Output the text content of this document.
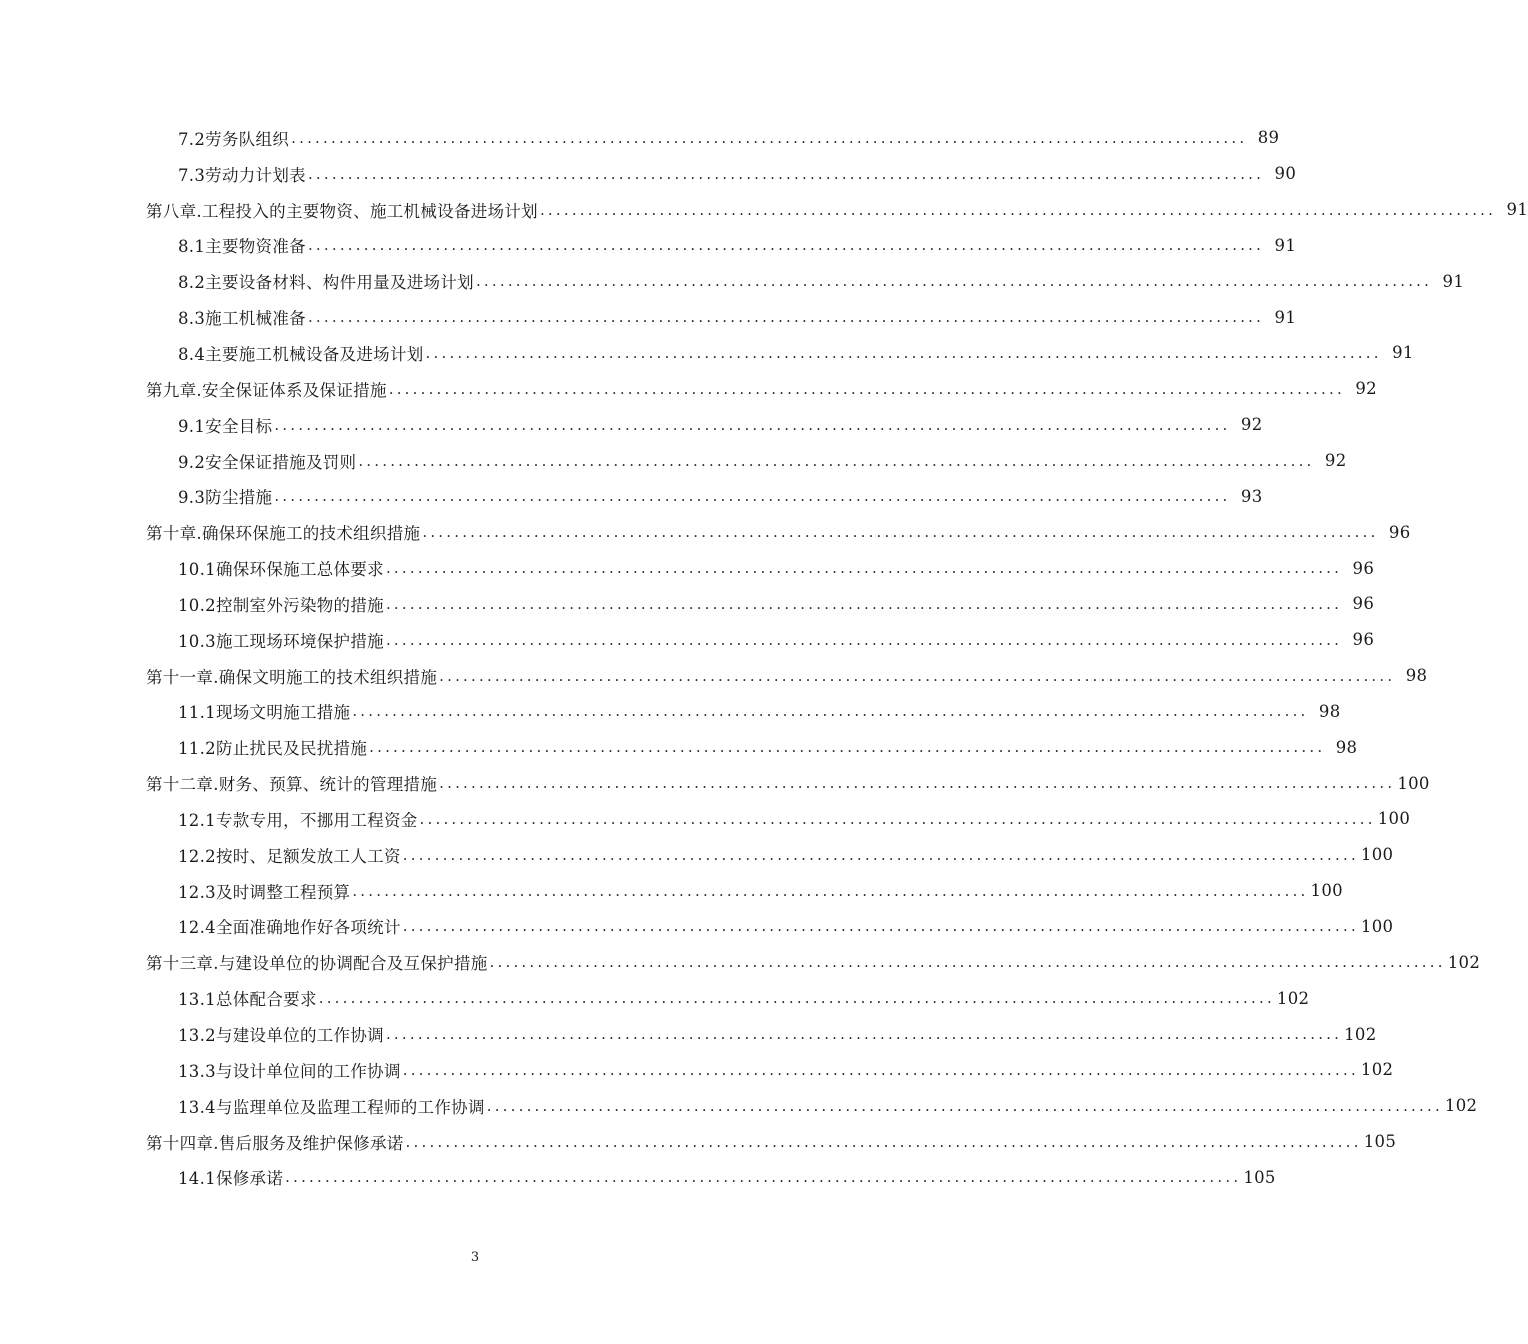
7.2劳务队组织 ........................................................................................................................ 89
7.3劳动力计划表 ........................................................................................................................ 90
第八章.工程投入的主要物资、施工机械设备进场计划 ........................................................................................................................ 91
8.1主要物资准备 ........................................................................................................................ 91
8.2主要设备材料、构件用量及进场计划 ........................................................................................................................ 91
8.3施工机械准备 ........................................................................................................................ 91
8.4主要施工机械设备及进场计划 ........................................................................................................................ 91
第九章.安全保证体系及保证措施 ........................................................................................................................ 92
9.1安全目标 ........................................................................................................................ 92
9.2安全保证措施及罚则 ........................................................................................................................ 92
9.3防尘措施 ........................................................................................................................ 93
第十章.确保环保施工的技术组织措施 ........................................................................................................................ 96
10.1确保环保施工总体要求 ........................................................................................................................ 96
10.2控制室外污染物的措施 ........................................................................................................................ 96
10.3施工现场环境保护措施 ........................................................................................................................ 96
第十一章.确保文明施工的技术组织措施 ........................................................................................................................ 98
11.1现场文明施工措施 ........................................................................................................................ 98
11.2防止扰民及民扰措施 ........................................................................................................................ 98
第十二章.财务、预算、统计的管理措施 ........................................................................................................................ 100
12.1专款专用，不挪用工程资金 ........................................................................................................................ 100
12.2按时、足额发放工人工资 ........................................................................................................................ 100
12.3及时调整工程预算 ........................................................................................................................ 100
12.4全面准确地作好各项统计 ........................................................................................................................ 100
第十三章.与建设单位的协调配合及互保护措施 ........................................................................................................................ 102
13.1总体配合要求 ........................................................................................................................ 102
13.2与建设单位的工作协调 ........................................................................................................................ 102
13.3与设计单位间的工作协调 ........................................................................................................................ 102
13.4与监理单位及监理工程师的工作协调 ........................................................................................................................ 102
第十四章.售后服务及维护保修承诺 ........................................................................................................................ 105
14.1保修承诺 ........................................................................................................................ 105
3
